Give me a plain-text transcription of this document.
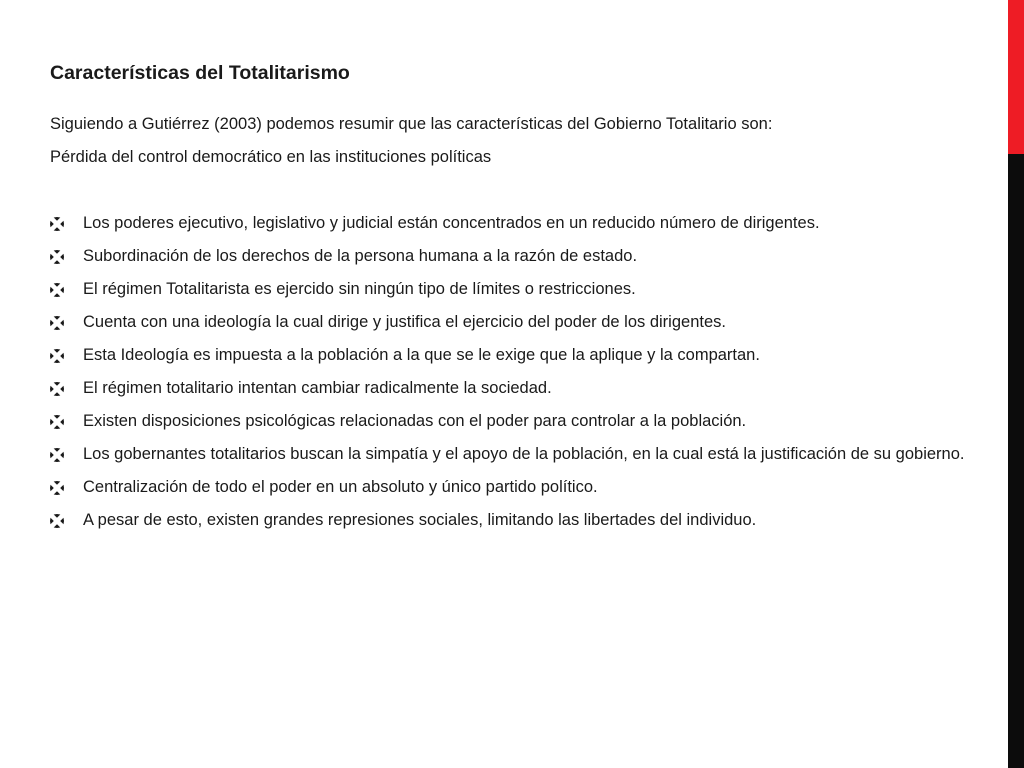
Características del Totalitarismo

Siguiendo a Gutiérrez (2003) podemos resumir que las características del Gobierno Totalitario son:

Pérdida del control democrático en las instituciones políticas

Los poderes ejecutivo, legislativo y judicial están concentrados en un reducido número de dirigentes.
Subordinación de los derechos de la persona humana a la razón de estado.
El régimen Totalitarista es ejercido sin ningún tipo de límites o restricciones.
Cuenta con una ideología la cual dirige y justifica el ejercicio del poder de los dirigentes.
Esta Ideología es impuesta a la población a la que se le exige que la aplique y la compartan.
El régimen totalitario intentan cambiar radicalmente la sociedad.
Existen disposiciones psicológicas relacionadas con el poder para controlar a la población.
Los gobernantes totalitarios buscan la simpatía y el apoyo de la población, en la cual está la justificación de su gobierno.
Centralización de todo el poder en un absoluto y único partido político.
A pesar de esto, existen grandes represiones sociales, limitando las libertades del individuo.
